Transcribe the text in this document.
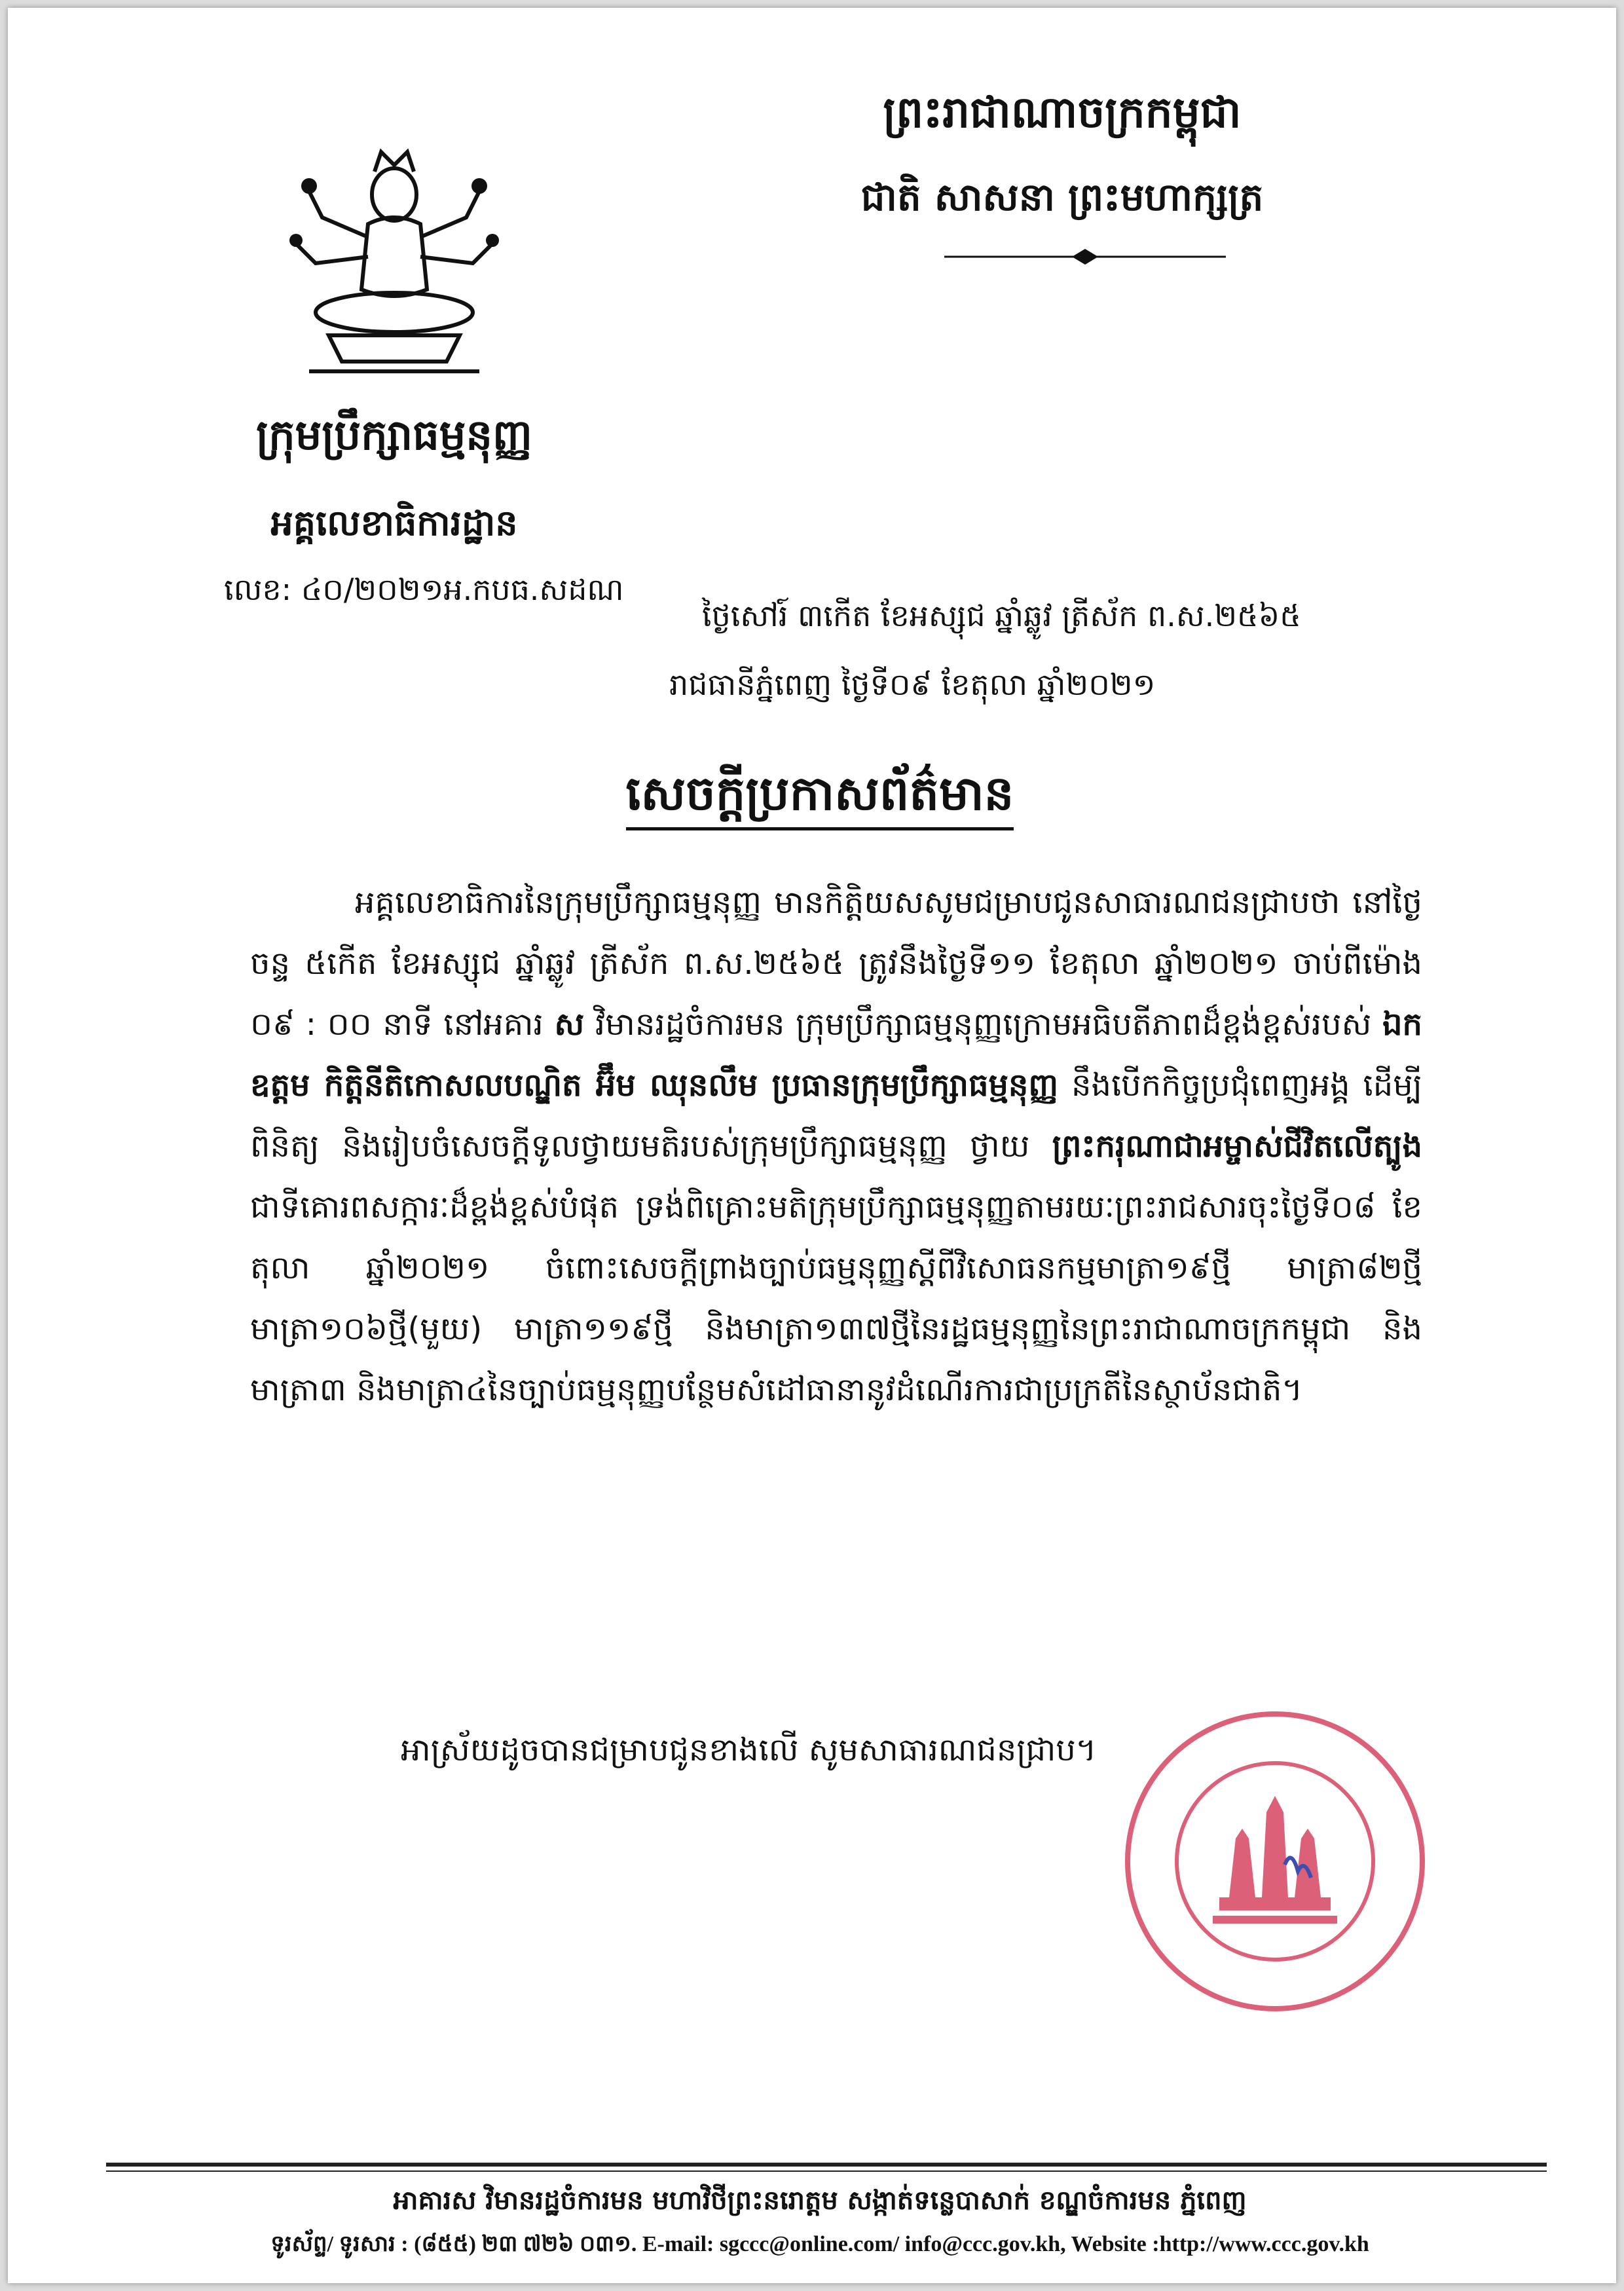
ក្រុមប្រឹក្សាធម្មនុញ្ញ
អគ្គលេខាធិការដ្ឋាន
លេខ: ៤០/២០២១អ.កបធ.សដណ
ព្រះរាជាណាចក្រកម្ពុជា
ជាតិ សាសនា ព្រះមហាក្សត្រ
ថ្ងៃសៅរ៍ ៣កើត ខែអស្សុជ ឆ្នាំឆ្លូវ ត្រីស័ក ព.ស.២៥៦៥
រាជធានីភ្នំពេញ ថ្ងៃទី០៩ ខែតុលា ឆ្នាំ២០២១
សេចក្តីប្រកាសព័ត៌មាន

អគ្គលេខាធិការនៃក្រុមប្រឹក្សាធម្មនុញ្ញ មានកិត្តិយសសូមជម្រាបជូនសាធារណជនជ្រាបថា នៅថ្ងៃចន្ទ ៥កើត ខែអស្សុជ ឆ្នាំឆ្លូវ ត្រីស័ក ព.ស.២៥៦៥ ត្រូវនឹងថ្ងៃទី១១ ខែតុលា ឆ្នាំ២០២១ ចាប់ពីម៉ោង ០៩ : ០០ នាទី នៅអគារ ស វិមានរដ្ឋចំការមន ក្រុមប្រឹក្សាធម្មនុញ្ញក្រោមអធិបតីភាពដ៏ខ្ពង់ខ្ពស់របស់ ឯកឧត្តម កិត្តិនីតិកោសលបណ្ឌិត អ៊ឹម ឈុនលឹម ប្រធានក្រុមប្រឹក្សាធម្មនុញ្ញ នឹងបើកកិច្ចប្រជុំពេញអង្គ ដើម្បីពិនិត្យ និងរៀបចំសេចក្តីទូលថ្វាយមតិរបស់ក្រុមប្រឹក្សាធម្មនុញ្ញ ថ្វាយ ព្រះករុណាជាអម្ចាស់ជីវិតលើត្បូង ជាទីគោរពសក្ការៈដ៏ខ្ពង់ខ្ពស់បំផុត ទ្រង់ពិគ្រោះមតិក្រុមប្រឹក្សាធម្មនុញ្ញតាមរយៈព្រះរាជសារចុះថ្ងៃទី០៨ ខែតុលា ឆ្នាំ២០២១ ចំពោះសេចក្តីព្រាងច្បាប់ធម្មនុញ្ញស្តីពីវិសោធនកម្មមាត្រា១៩ថ្មី មាត្រា៨២ថ្មី មាត្រា១០៦ថ្មី(មួយ) មាត្រា១១៩ថ្មី និងមាត្រា១៣៧ថ្មីនៃរដ្ឋធម្មនុញ្ញនៃព្រះរាជាណាចក្រកម្ពុជា និងមាត្រា៣ និងមាត្រា៤នៃច្បាប់ធម្មនុញ្ញបន្ថែមសំដៅធានានូវដំណើរការជាប្រក្រតីនៃស្ថាប័នជាតិ។

អាស្រ័យដូចបានជម្រាបជូនខាងលើ សូមសាធារណជនជ្រាប។
អាគារស វិមានរដ្ឋចំការមន មហាវិថីព្រះនរោត្តម សង្កាត់ទន្លេបាសាក់ ខណ្ឌចំការមន ភ្នំពេញ
ទូរស័ព្ទ/ ទូរសារ : (៨៥៥) ២៣ ៧២៦ ០៣១. E-mail: sgccc@online.com/ info@ccc.gov.kh, Website :http://www.ccc.gov.kh
